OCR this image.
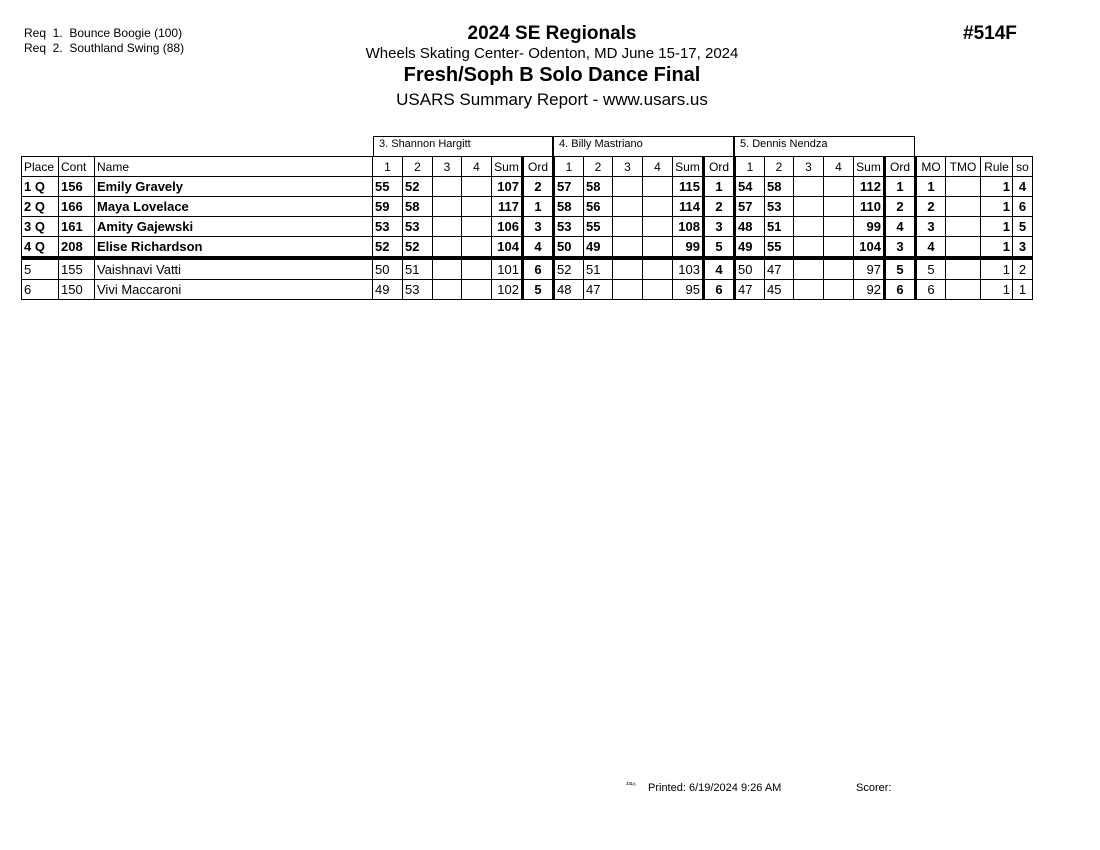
Req  1.  Bounce Boogie (100)
Req  2.  Southland Swing (88)
2024 SE Regionals
Wheels Skating Center- Odenton, MD June 15-17, 2024
Fresh/Soph B Solo Dance Final
USARS Summary Report - www.usars.us
#514F
3. Shannon Hargitt	4. Billy Mastriano	5. Dennis Nendza
Place	Cont	Name	1	2	3	4	Sum	Ord	1	2	3	4	Sum	Ord	1	2	3	4	Sum	Ord	MO	TMO	Rule	so
1 Q	156	Emily Gravely	55	52			107	2	57	58			115	1	54	58			112	1	1		1	4
2 Q	166	Maya Lovelace	59	58			117	1	58	56			114	2	57	53			110	2	2		1	6
3 Q	161	Amity Gajewski	53	53			106	3	53	55			108	3	48	51			99	4	3		1	5
4 Q	208	Elise Richardson	52	52			104	4	50	49			99	5	49	55			104	3	4		1	3
5	155	Vaishnavi Vatti	50	51			101	6	52	51			103	4	50	47			97	5	5		1	2
6	150	Vivi Maccaroni	49	53			102	5	48	47			95	6	47	45			92	6	6		1	1
³³¹⁶ Printed: 6/19/2024 9:26 AM	Scorer:
